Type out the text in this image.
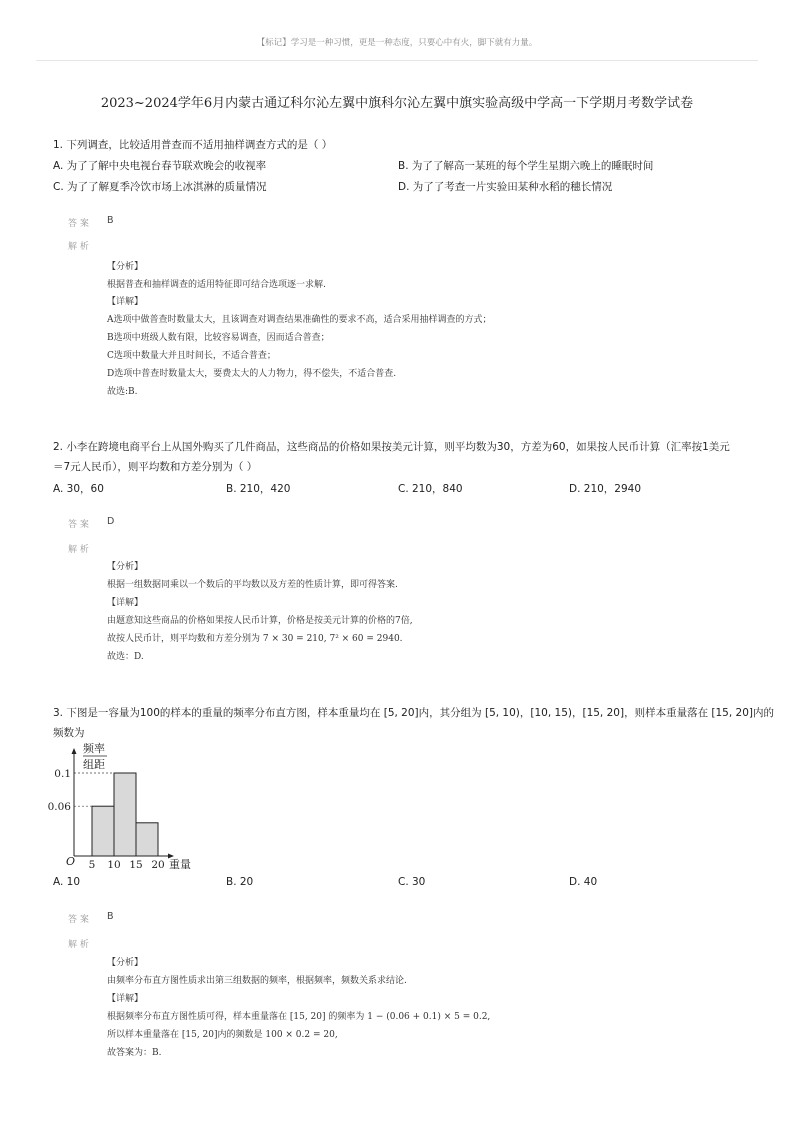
【标记】学习是一种习惯，更是一种态度，只要心中有火，脚下就有力量。
2023~2024学年6月内蒙古通辽科尔沁左翼中旗科尔沁左翼中旗实验高级中学高一下学期月考数学试卷
1. 下列调查，比较适用普查而不适用抽样调查方式的是（ ）
A. 为了了解中央电视台春节联欢晚会的收视率	B. 为了了解高一某班的每个学生星期六晚上的睡眠时间
C. 为了了解夏季冷饮市场上冰淇淋的质量情况	D. 为了了考查一片实验田某种水稻的穗长情况
答 案 B
解 析
【分析】
根据普查和抽样调查的适用特征即可结合选项逐一求解.
【详解】
A选项中做普查时数量太大，且该调查对调查结果准确性的要求不高，适合采用抽样调查的方式；
B选项中班级人数有限，比较容易调查，因而适合普查；
C选项中数量大并且时间长，不适合普查；
D选项中普查时数量太大，要费太大的人力物力，得不偿失，不适合普查.
故选:B.
2. 小李在跨境电商平台上从国外购买了几件商品，这些商品的价格如果按美元计算，则平均数为30，方差为60，如果按人民币计算（汇率按1美元
＝7元人民币），则平均数和方差分别为（ ）
A. 30，60	B. 210，420	C. 210，840	D. 210，2940
答 案 D
解 析
【分析】
根据一组数据同乘以一个数后的平均数以及方差的性质计算，即可得答案.
【详解】
由题意知这些商品的价格如果按人民币计算，价格是按美元计算的价格的7倍,
故按人民币计，则平均数和方差分别为 7 × 30 = 210, 7² × 60 = 2940.
故选：D.
3. 下图是一容量为100的样本的重量的频率分布直方图，样本重量均在 [5, 20]内，其分组为 [5, 10)，[10, 15)，[15, 20]，则样本重量落在 [15, 20]内的
频数为
频率
组距
0.06
0.1
5 10 15 20
O	重量
A. 10	B. 20	C. 30	D. 40
答 案 B
解 析
【分析】
由频率分布直方图性质求出第三组数据的频率，根据频率，频数关系求结论.
【详解】
根据频率分布直方图性质可得，样本重量落在 [15, 20] 的频率为 1 − (0.06 + 0.1) × 5 = 0.2,
所以样本重量落在 [15, 20]内的频数是 100 × 0.2 = 20,
故答案为：B.
